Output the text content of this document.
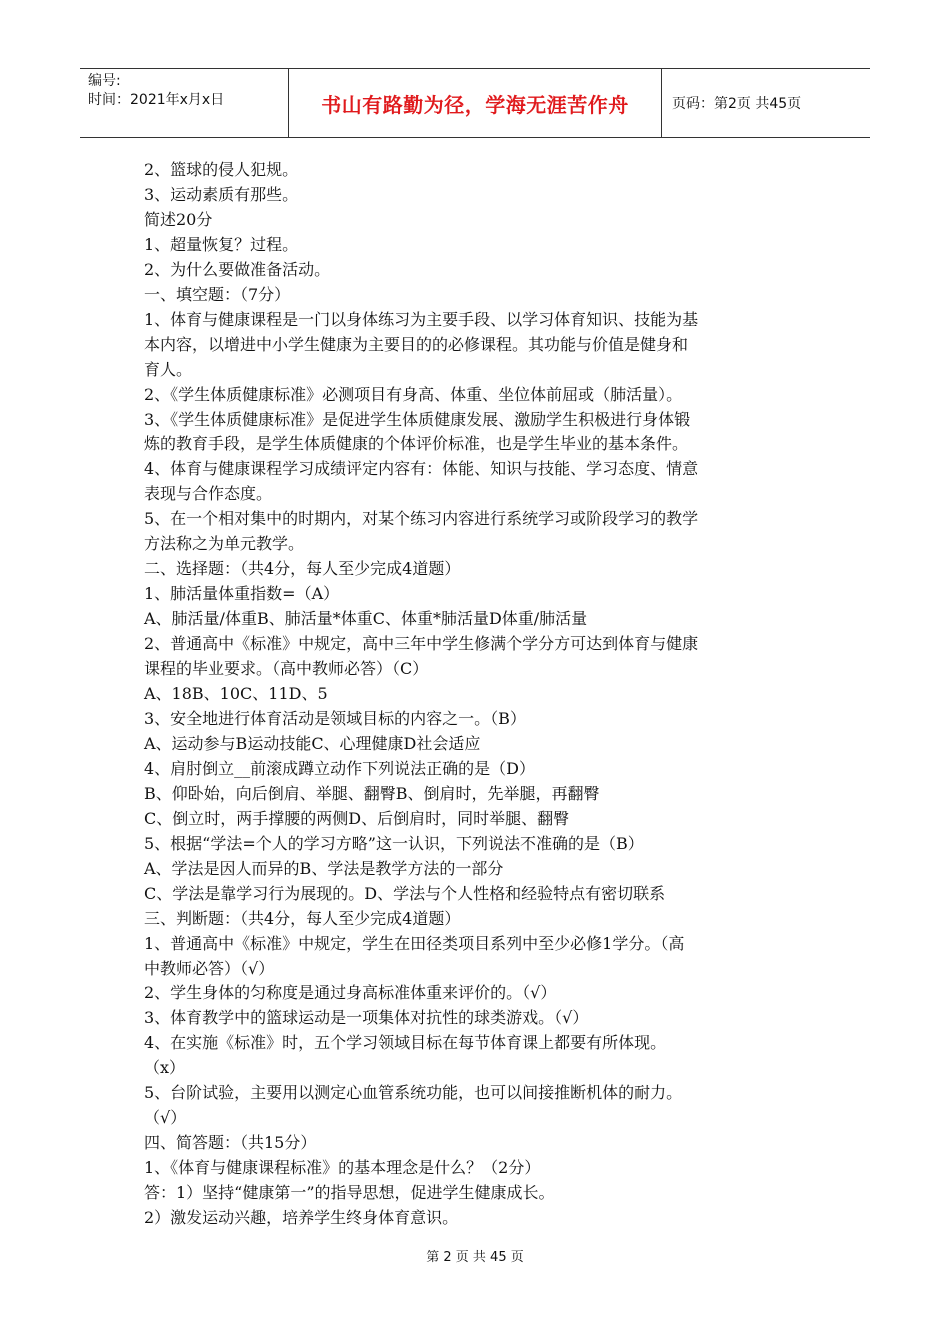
编号:
时间：2021年x月x日	书山有路勤为径，学海无涯苦作舟	页码：第2页 共45页
2、篮球的侵人犯规。
3、运动素质有那些。
简述20分
1、超量恢复？过程。
2、为什么要做准备活动。
一、填空题：（7分）
1、体育与健康课程是一门以身体练习为主要手段、以学习体育知识、技能为基
本内容，以增进中小学生健康为主要目的的必修课程。其功能与价值是健身和
育人。
2、《学生体质健康标准》必测项目有身高、体重、坐位体前屈或（肺活量）。
3、《学生体质健康标准》是促进学生体质健康发展、激励学生积极进行身体锻
炼的教育手段，是学生体质健康的个体评价标准，也是学生毕业的基本条件。
4、体育与健康课程学习成绩评定内容有：体能、知识与技能、学习态度、情意
表现与合作态度。
5、在一个相对集中的时期内，对某个练习内容进行系统学习或阶段学习的教学
方法称之为单元教学。
二、选择题：（共4分，每人至少完成4道题）
1、肺活量体重指数=（A）
A、肺活量/体重B、肺活量*体重C、体重*肺活量D体重/肺活量
2、普通高中《标准》中规定，高中三年中学生修满个学分方可达到体育与健康
课程的毕业要求。（高中教师必答）（C）
A、18B、10C、11D、5
3、安全地进行体育活动是领域目标的内容之一。（B）
A、运动参与B运动技能C、心理健康D社会适应
4、肩肘倒立__前滚成蹲立动作下列说法正确的是（D）
B、仰卧始，向后倒肩、举腿、翻臀B、倒肩时，先举腿，再翻臀
C、倒立时，两手撑腰的两侧D、后倒肩时，同时举腿、翻臀
5、根据“学法=个人的学习方略”这一认识，下列说法不准确的是（B）
A、学法是因人而异的B、学法是教学方法的一部分
C、学法是靠学习行为展现的。D、学法与个人性格和经验特点有密切联系
三、判断题：（共4分，每人至少完成4道题）
1、普通高中《标准》中规定，学生在田径类项目系列中至少必修1学分。（高
中教师必答）（√）
2、学生身体的匀称度是通过身高标准体重来评价的。（√）
3、体育教学中的篮球运动是一项集体对抗性的球类游戏。（√）
4、在实施《标准》时，五个学习领域目标在每节体育课上都要有所体现。
（x）
5、台阶试验，主要用以测定心血管系统功能，也可以间接推断机体的耐力。
（√）
四、简答题：（共15分）
1、《体育与健康课程标准》的基本理念是什么？（2分）
答：1）坚持“健康第一”的指导思想，促进学生健康成长。
2）激发运动兴趣，培养学生终身体育意识。
第 2 页 共 45 页
